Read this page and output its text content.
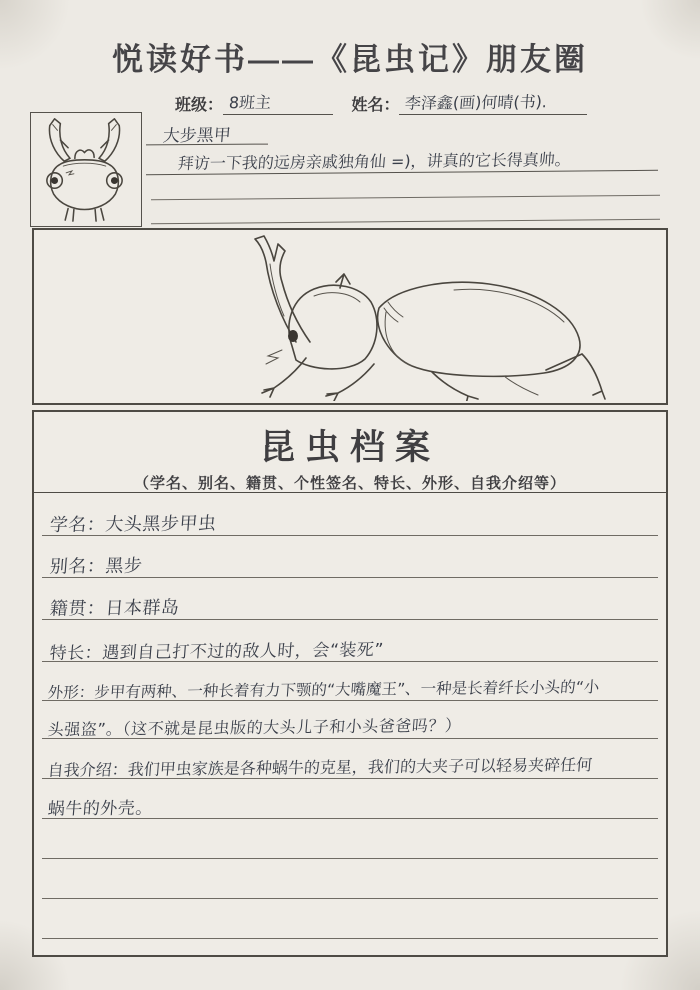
悦读好书——《昆虫记》朋友圈
班级： 8班主	姓名： 李泽鑫(画)何晴(书).
大步黑甲
拜访一下我的远房亲戚独角仙 =)，讲真的它长得真帅。
昆虫档案
（学名、别名、籍贯、个性签名、特长、外形、自我介绍等）
学名：大头黑步甲虫
别名：黑步
籍贯：日本群岛
特长：遇到自己打不过的敌人时，会“装死”
外形：步甲有两种、一种长着有力下颚的“大嘴魔王”、一种是长着纤长小头的“小
头强盗”。（这不就是昆虫版的大头儿子和小头爸爸吗？）
自我介绍：我们甲虫家族是各种蜗牛的克星，我们的大夹子可以轻易夹碎任何
蜗牛的外壳。
